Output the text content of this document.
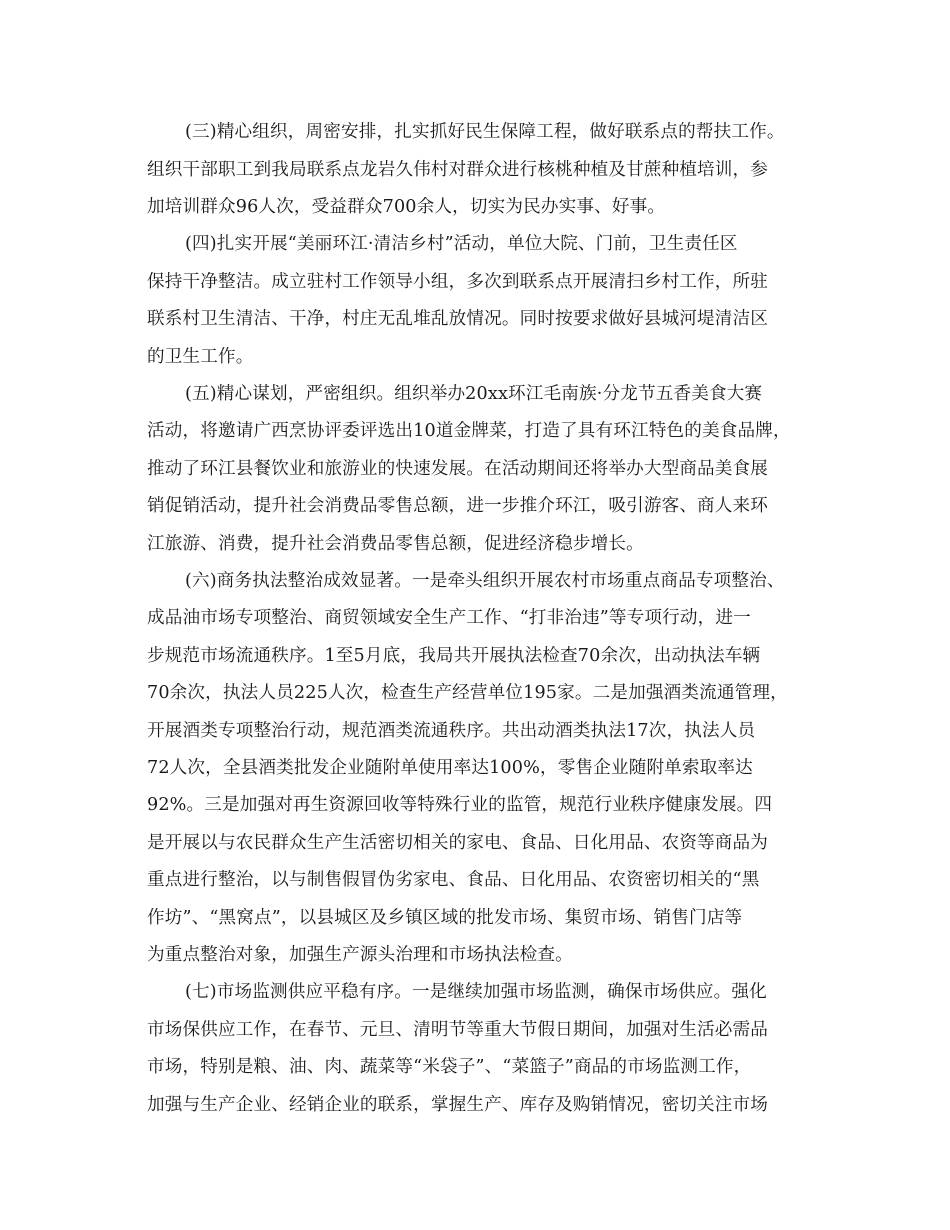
(三)精心组织，周密安排，扎实抓好民生保障工程，做好联系点的帮扶工作。
组织干部职工到我局联系点龙岩久伟村对群众进行核桃种植及甘蔗种植培训，参
加培训群众96人次，受益群众700余人，切实为民办实事、好事。
(四)扎实开展“美丽环江·清洁乡村”活动，单位大院、门前，卫生责任区
保持干净整洁。成立驻村工作领导小组，多次到联系点开展清扫乡村工作，所驻
联系村卫生清洁、干净，村庄无乱堆乱放情况。同时按要求做好县城河堤清洁区
的卫生工作。
(五)精心谋划，严密组织。组织举办20xx环江毛南族·分龙节五香美食大赛
活动，将邀请广西烹协评委评选出10道金牌菜，打造了具有环江特色的美食品牌，
推动了环江县餐饮业和旅游业的快速发展。在活动期间还将举办大型商品美食展
销促销活动，提升社会消费品零售总额，进一步推介环江，吸引游客、商人来环
江旅游、消费，提升社会消费品零售总额，促进经济稳步增长。
(六)商务执法整治成效显著。一是牵头组织开展农村市场重点商品专项整治、
成品油市场专项整治、商贸领域安全生产工作、“打非治违”等专项行动，进一
步规范市场流通秩序。1至5月底，我局共开展执法检查70余次，出动执法车辆
70余次，执法人员225人次，检查生产经营单位195家。二是加强酒类流通管理，
开展酒类专项整治行动，规范酒类流通秩序。共出动酒类执法17次，执法人员
72人次，全县酒类批发企业随附单使用率达100%，零售企业随附单索取率达
92%。三是加强对再生资源回收等特殊行业的监管，规范行业秩序健康发展。四
是开展以与农民群众生产生活密切相关的家电、食品、日化用品、农资等商品为
重点进行整治，以与制售假冒伪劣家电、食品、日化用品、农资密切相关的“黑
作坊”、“黑窝点”，以县城区及乡镇区域的批发市场、集贸市场、销售门店等
为重点整治对象，加强生产源头治理和市场执法检查。
(七)市场监测供应平稳有序。一是继续加强市场监测，确保市场供应。强化
市场保供应工作，在春节、元旦、清明节等重大节假日期间，加强对生活必需品
市场，特别是粮、油、肉、蔬菜等“米袋子”、“菜篮子”商品的市场监测工作，
加强与生产企业、经销企业的联系，掌握生产、库存及购销情况，密切关注市场
